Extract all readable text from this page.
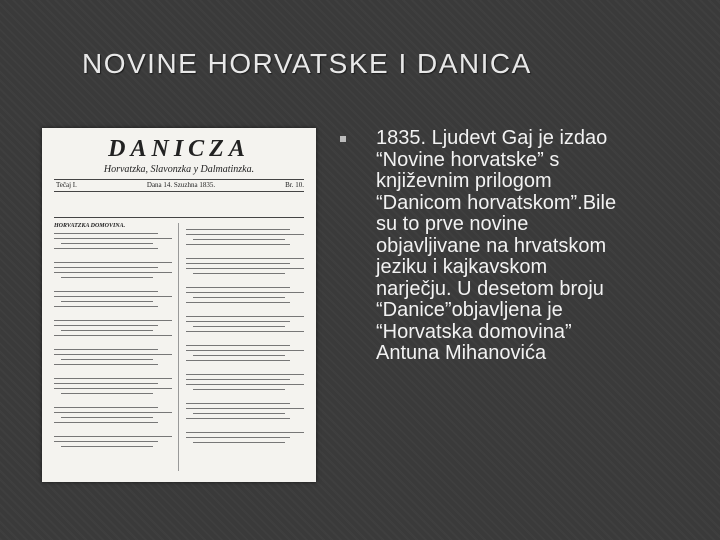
NOVINE HORVATSKE I DANICA
DANICZA
Horvatzka, Slavonzka y Dalmatinzka.
Tečaj I.	Dana 14. Szuzhna 1835.	Br. 10.
HORVATZKA DOMOVINA.
1835. Ljudevt Gaj je izdao “Novine horvatske” s književnim prilogom “Danicom horvatskom”.Bile su to prve novine objavljivane na hrvatskom jeziku i kajkavskom narječju. U desetom broju “Danice”objavljena je “Horvatska domovina” Antuna Mihanovića
